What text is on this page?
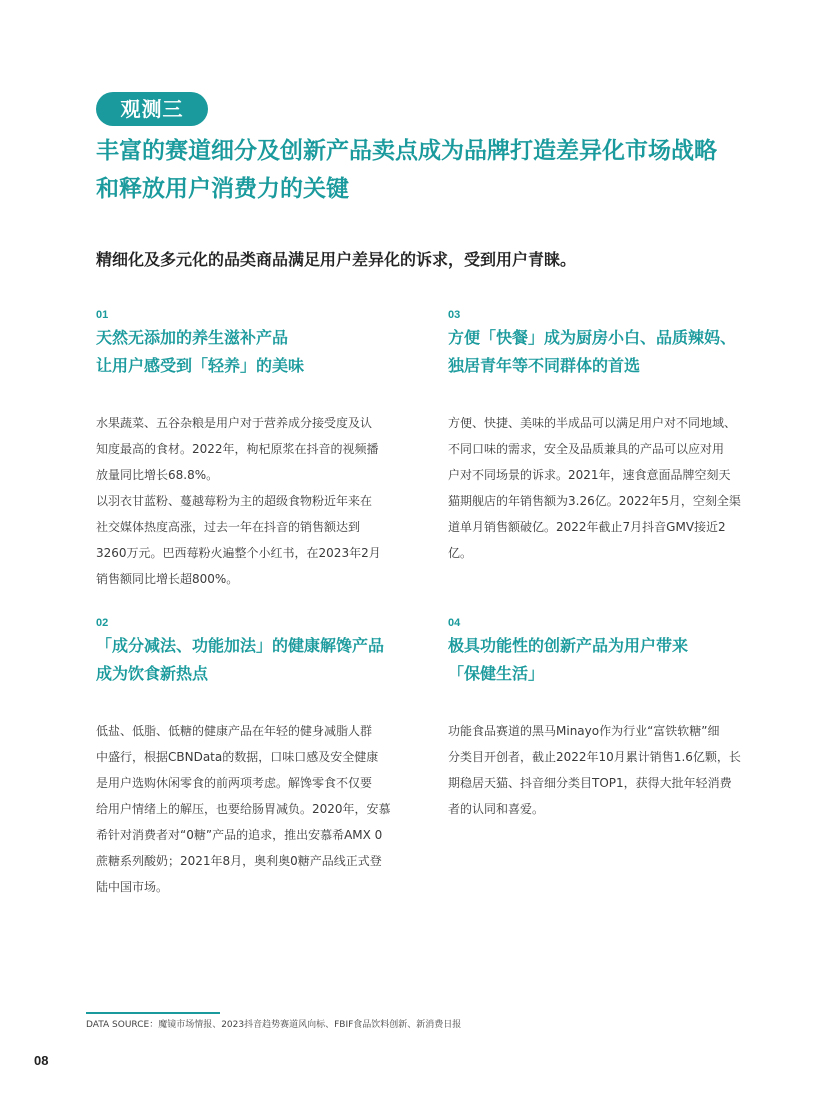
观测三
丰富的赛道细分及创新产品卖点成为品牌打造差异化市场战略
和释放用户消费力的关键
精细化及多元化的品类商品满足用户差异化的诉求，受到用户青睐。
01
天然无添加的养生滋补产品
让用户感受到「轻养」的美味
水果蔬菜、五谷杂粮是用户对于营养成分接受度及认
知度最高的食材。2022年，枸杞原浆在抖音的视频播
放量同比增长68.8%。
以羽衣甘蓝粉、蔓越莓粉为主的超级食物粉近年来在
社交媒体热度高涨，过去一年在抖音的销售额达到
3260万元。巴西莓粉火遍整个小红书，在2023年2月
销售额同比增长超800%。
03
方便「快餐」成为厨房小白、品质辣妈、
独居青年等不同群体的首选
方便、快捷、美味的半成品可以满足用户对不同地域、
不同口味的需求，安全及品质兼具的产品可以应对用
户对不同场景的诉求。2021年，速食意面品牌空刻天
猫期舰店的年销售额为3.26亿。2022年5月，空刻全渠
道单月销售额破亿。2022年截止7月抖音GMV接近2
亿。
02
「成分减法、功能加法」的健康解馋产品
成为饮食新热点
低盐、低脂、低糖的健康产品在年轻的健身减脂人群
中盛行，根据CBNData的数据，口味口感及安全健康
是用户选购休闲零食的前两项考虑。解馋零食不仅要
给用户情绪上的解压，也要给肠胃减负。2020年，安慕
希针对消费者对“0糖”产品的追求，推出安慕希AMX 0
蔗糖系列酸奶；2021年8月，奥利奥0糖产品线正式登
陆中国市场。
04
极具功能性的创新产品为用户带来
「保健生活」
功能食品赛道的黑马Minayo作为行业“富铁软糖”细
分类目开创者，截止2022年10月累计销售1.6亿颗，长
期稳居天猫、抖音细分类目TOP1，获得大批年轻消费
者的认同和喜爱。
DATA SOURCE：魔镜市场情报、2023抖音趋势赛道风向标、FBIF食品饮料创新、新消费日报
08
